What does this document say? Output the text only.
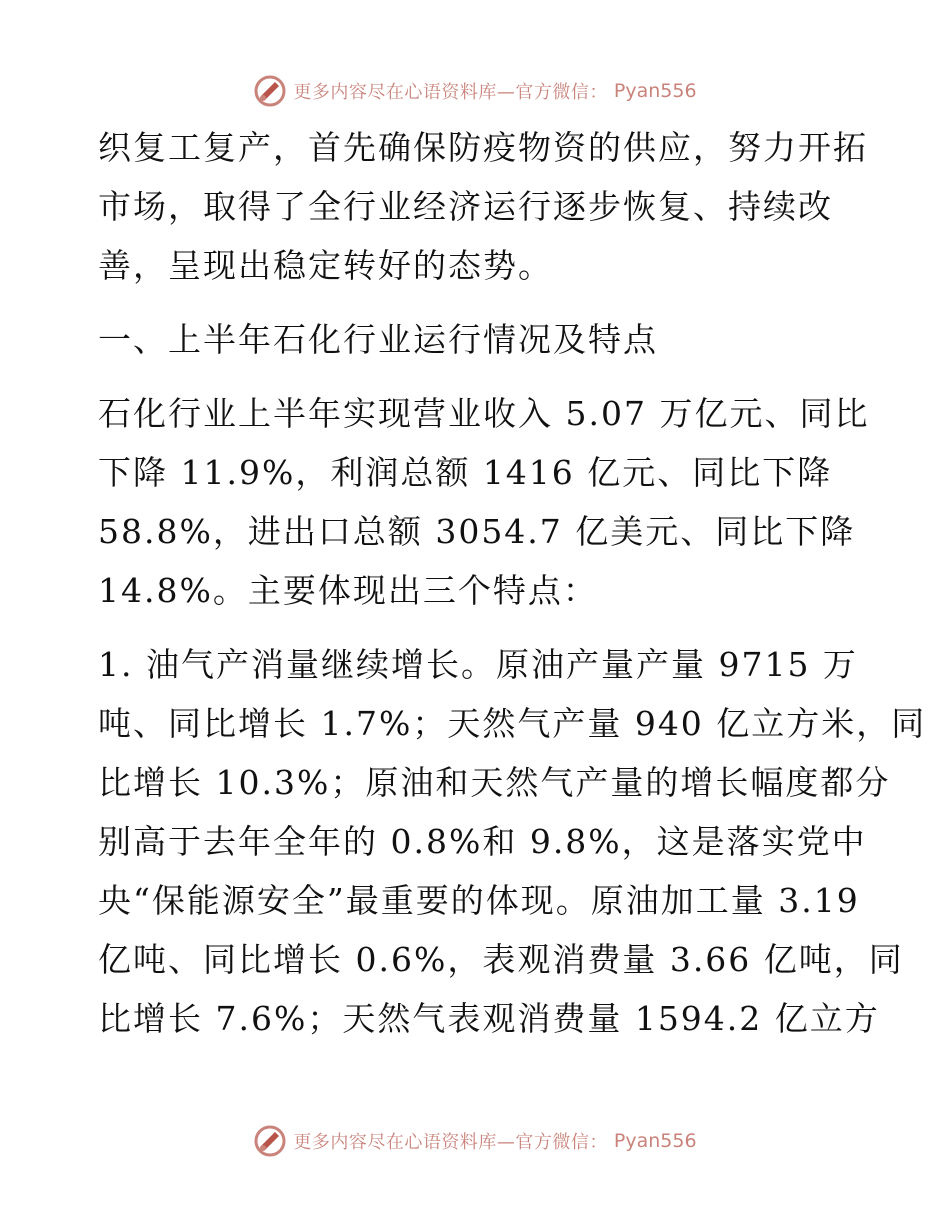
更多内容尽在心语资料库—官方微信： Pyan556
织复工复产，首先确保防疫物资的供应，努力开拓
市场，取得了全行业经济运行逐步恢复、持续改
善，呈现出稳定转好的态势。
一、上半年石化行业运行情况及特点
石化行业上半年实现营业收入 5.07 万亿元、同比
下降 11.9%，利润总额 1416 亿元、同比下降
58.8%，进出口总额 3054.7 亿美元、同比下降
14.8%。主要体现出三个特点：
1. 油气产消量继续增长。原油产量产量 9715 万
吨、同比增长 1.7%；天然气产量 940 亿立方米，同
比增长 10.3%；原油和天然气产量的增长幅度都分
别高于去年全年的 0.8%和 9.8%，这是落实党中
央“保能源安全”最重要的体现。原油加工量 3.19
亿吨、同比增长 0.6%，表观消费量 3.66 亿吨，同
比增长 7.6%；天然气表观消费量 1594.2 亿立方
更多内容尽在心语资料库—官方微信： Pyan556
